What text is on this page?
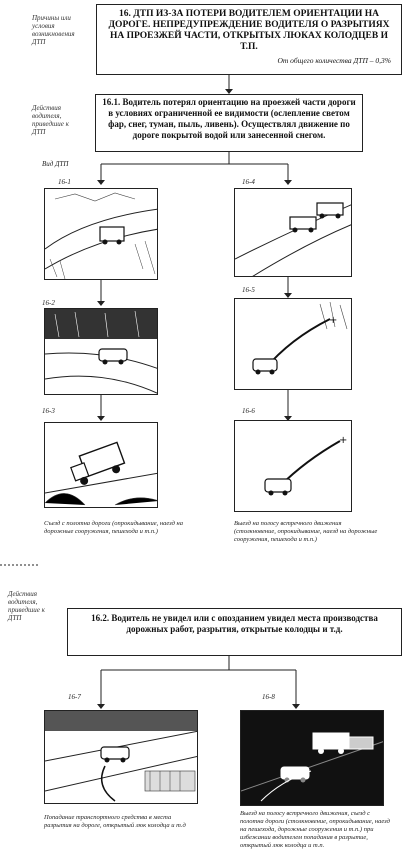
Причины или условия возникновения ДТП
16. ДТП ИЗ-ЗА ПОТЕРИ ВОДИТЕЛЕМ ОРИЕНТАЦИИ НА ДОРОГЕ. НЕПРЕДУПРЕЖДЕНИЕ ВОДИТЕЛЯ О РАЗРЫТИЯХ НА ПРОЕЗЖЕЙ ЧАСТИ, ОТКРЫТЫХ ЛЮКАХ КОЛОДЦЕВ И Т.П.
От общего количества ДТП – 0,3%
Действия водителя, приведшие к ДТП
16.1. Водитель потерял ориентацию на проезжей части дороги в условиях ограниченной ее видимости (ослепление светом фар, снег, туман, пыль, ливень). Осуществлял движение по дороге покрытой водой или занесенной снегом.
Вид ДТП
16-1
16-2
16-3
16-4
16-5
+
16-6
+
Съезд с полотна дороги (опрокидывание, наезд на дорожные сооружения, пешехода и т.п.)
Выезд на полосу встречного движения (столкновение, опрокидывание, наезд на дорожные сооружения, пешехода и т.п.)
Действия водителя, приведшие к ДТП	16.2. Водитель не увидел или с опозданием увидел места производства дорожных работ, разрытия, открытые колодцы и т.д.
16-7	16-8
Попадание транспортного средства в места разрытия на дороге, открытый люк колодца и т.д
Выезд на полосу встречного движения, съезд с полотна дороги (столкновение, опрокидывание, наезд на пешехода, дорожные сооружения и т.п.) при избежании водителем попадания в разрытие, открытый люк колодца и т.п.
